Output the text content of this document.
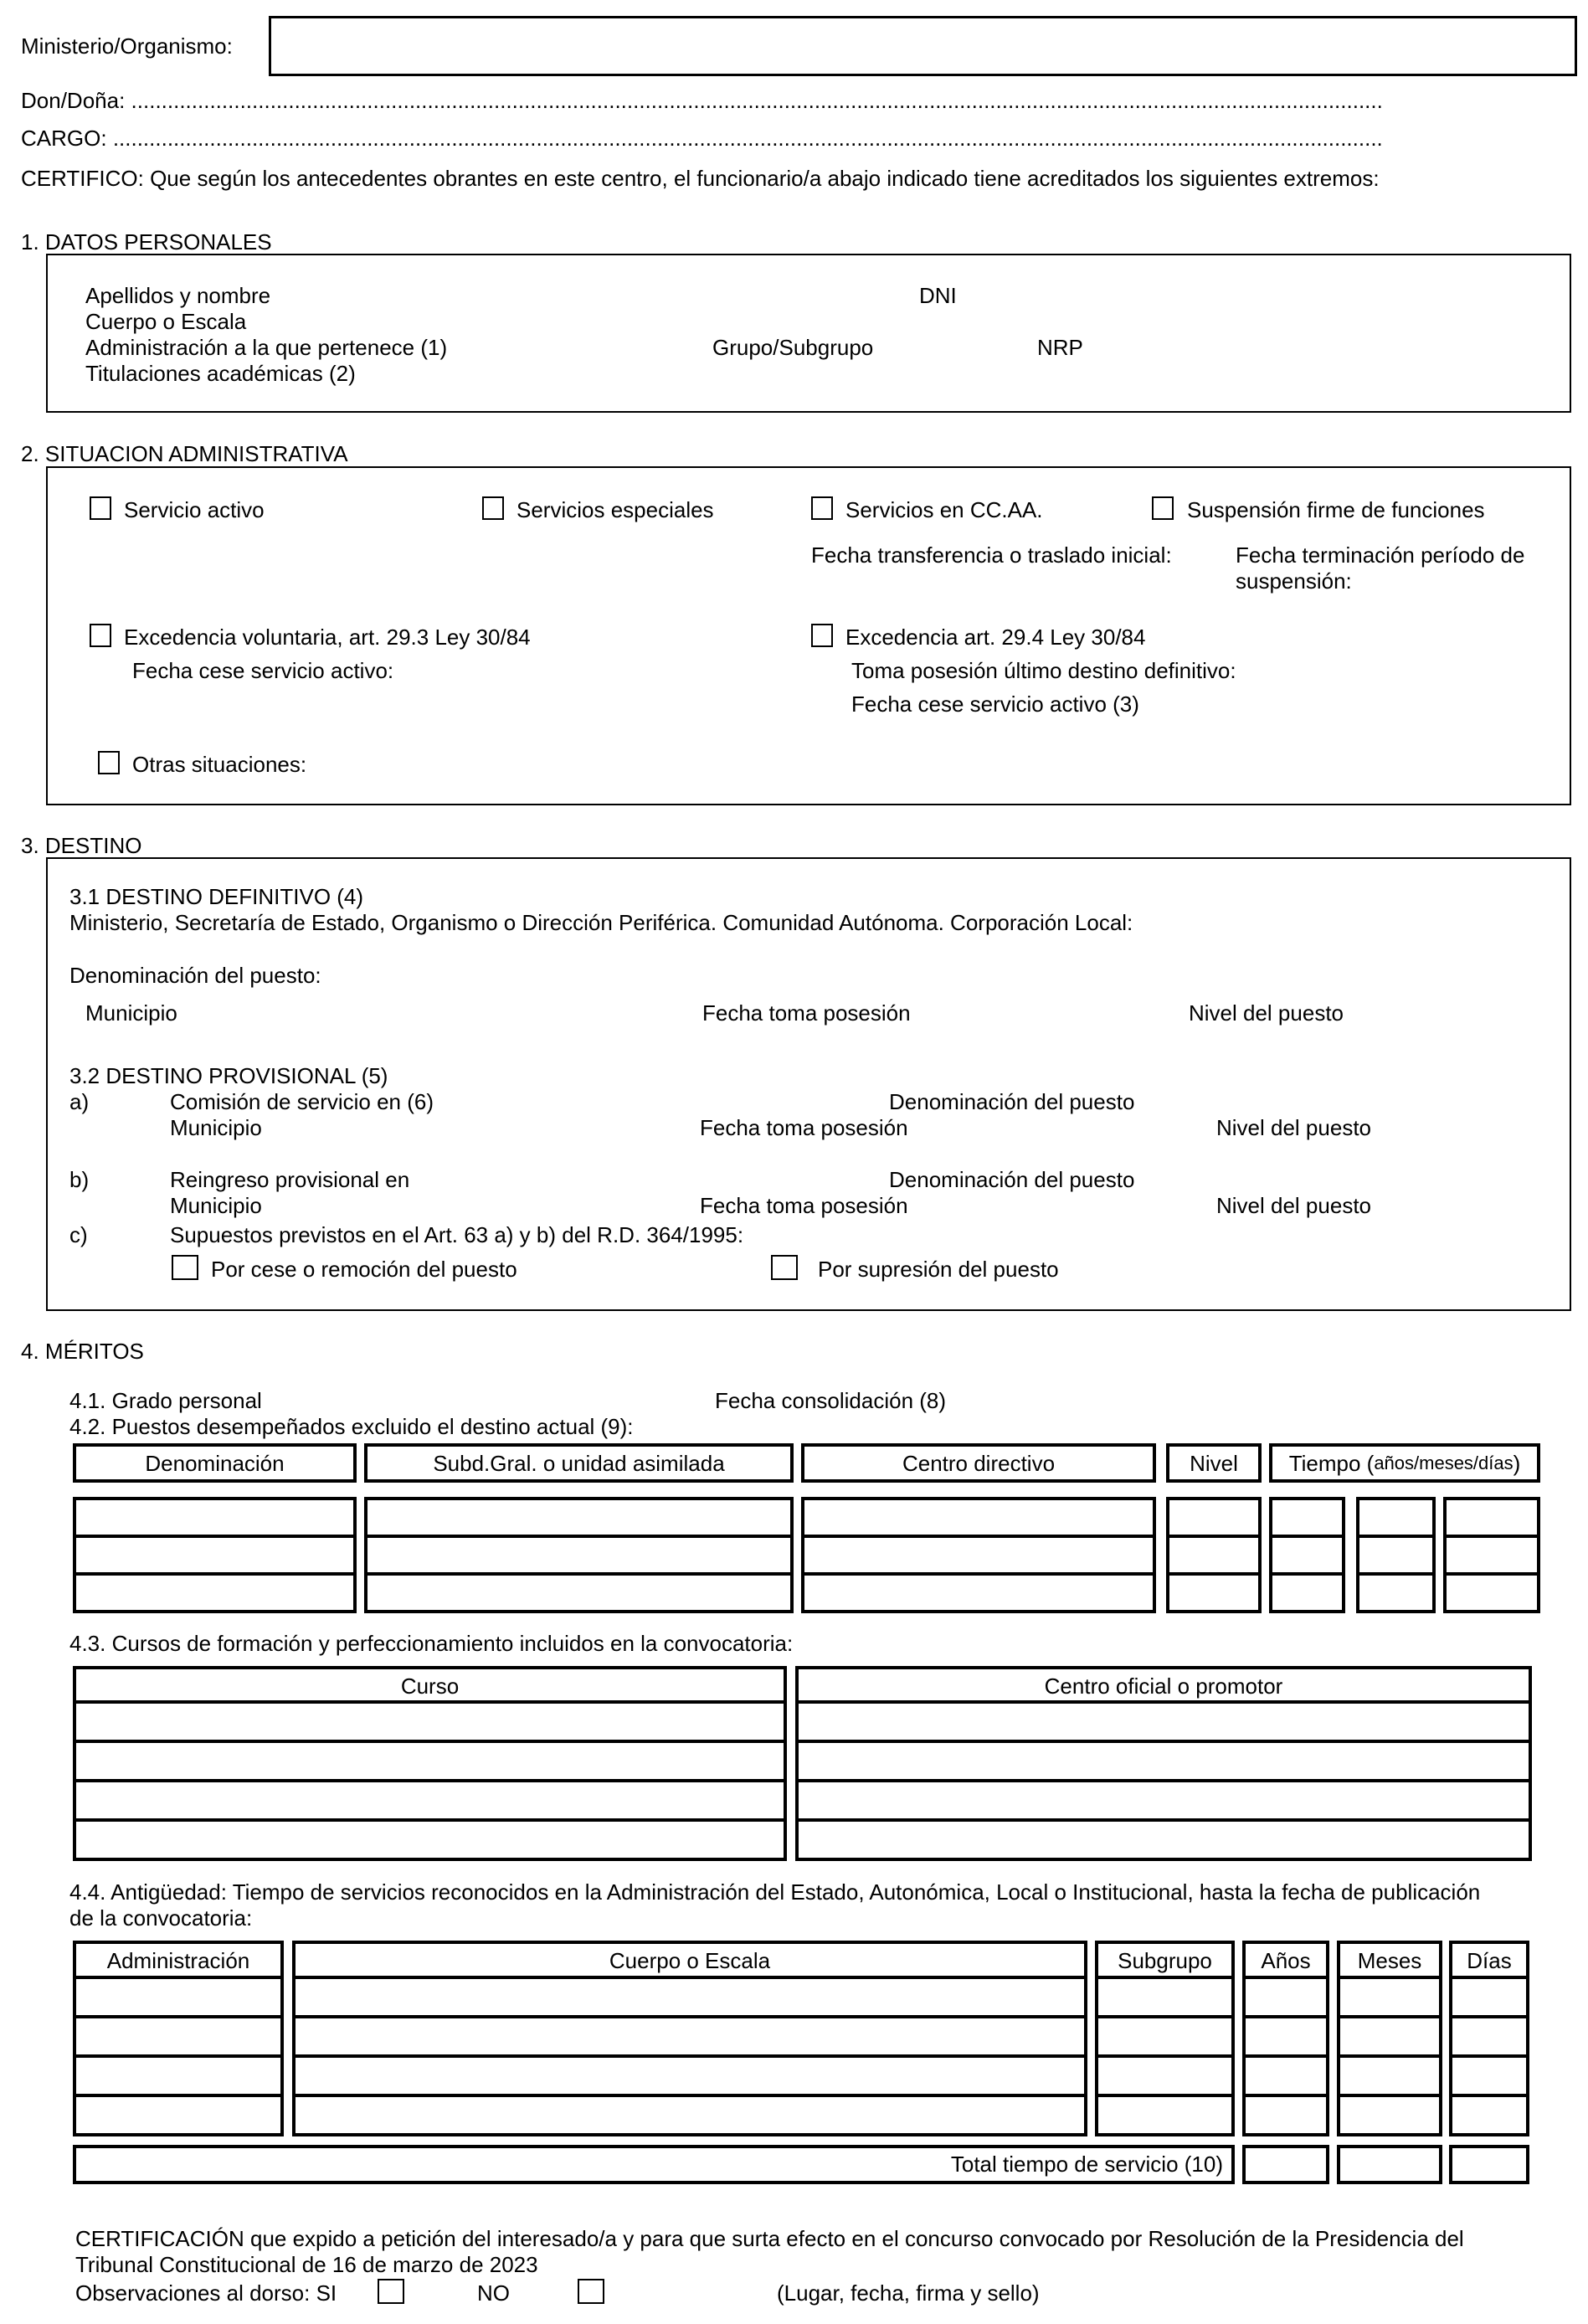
Ministerio/Organismo:
Don/Doña: ...............................................................................................................................................................................................................
CARGO: ..................................................................................................................................................................................................................
CERTIFICO: Que según los antecedentes obrantes en este centro, el funcionario/a abajo indicado tiene acreditados los siguientes extremos:
1. DATOS PERSONALES
Apellidos y nombre	DNI
Cuerpo o Escala
Administración a la que pertenece (1)	Grupo/Subgrupo	NRP
Titulaciones académicas (2)
2. SITUACION ADMINISTRATIVA
Servicio activo	Servicios especiales	Servicios en CC.AA.	Suspensión firme de funciones
Fecha transferencia o traslado inicial:	Fecha terminación período de
suspensión:
Excedencia voluntaria, art. 29.3 Ley 30/84
Fecha cese servicio activo:
Excedencia art. 29.4 Ley 30/84
Toma posesión último destino definitivo:
Fecha cese servicio activo (3)
Otras situaciones:
3. DESTINO
3.1 DESTINO DEFINITIVO (4)
Ministerio, Secretaría de Estado, Organismo o Dirección Periférica. Comunidad Autónoma. Corporación Local:
Denominación del puesto:
Municipio	Fecha toma posesión	Nivel del puesto
3.2 DESTINO PROVISIONAL (5)
a)	Comisión de servicio en (6)	Denominación del puesto
Municipio	Fecha toma posesión	Nivel del puesto
b)	Reingreso provisional en	Denominación del puesto
Municipio	Fecha toma posesión	Nivel del puesto
c)	Supuestos previstos en el Art. 63 a) y b) del R.D. 364/1995:
Por cese o remoción del puesto	Por supresión del puesto
4. MÉRITOS
4.1. Grado personal	Fecha consolidación (8)
4.2. Puestos desempeñados excluido el destino actual (9):
Denominación	Subd.Gral. o unidad asimilada	Centro directivo	Nivel Tiempo ( años/meses/días )
4.3. Cursos de formación y perfeccionamiento incluidos en la convocatoria:
Curso	Centro oficial o promotor
4.4. Antigüedad: Tiempo de servicios reconocidos en la Administración del Estado, Autonómica, Local o Institucional, hasta la fecha de publicación
de la convocatoria:
Administración	Cuerpo o Escala	Subgrupo Años Meses Días
Total tiempo de servicio (10)
CERTIFICACIÓN que expido a petición del interesado/a y para que surta efecto en el concurso convocado por Resolución de la Presidencia del
Tribunal Constitucional de 16 de marzo de 2023
Observaciones al dorso: SI	NO	(Lugar, fecha, firma y sello)
